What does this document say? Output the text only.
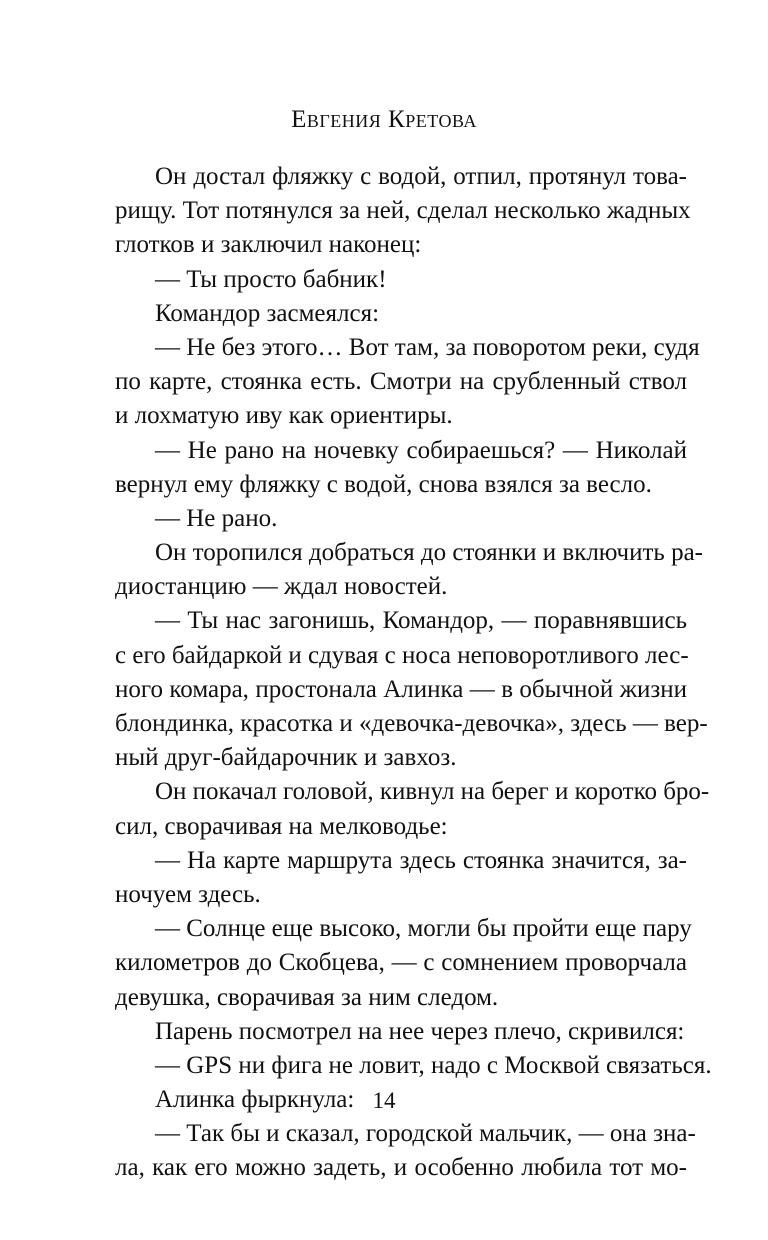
Евгения Кретова
Он достал фляжку с водой, отпил, протянул това-
рищу. Тот потянулся за ней, сделал несколько жадных
глотков и заключил наконец:
— Ты просто бабник!
Командор засмеялся:
— Не без этого… Вот там, за поворотом реки, судя
по карте, стоянка есть. Смотри на срубленный ствол
и лохматую иву как ориентиры.
— Не рано на ночевку собираешься? — Николай
вернул ему фляжку с водой, снова взялся за весло.
— Не рано.
Он торопился добраться до стоянки и включить ра-
диостанцию — ждал новостей.
— Ты нас загонишь, Командор, — поравнявшись
с его байдаркой и сдувая с носа неповоротливого лес-
ного комара, простонала Алинка — в обычной жизни
блондинка, красотка и «девочка-девочка», здесь — вер-
ный друг-байдарочник и завхоз.
Он покачал головой, кивнул на берег и коротко бро-
сил, сворачивая на мелководье:
— На карте маршрута здесь стоянка значится, за-
ночуем здесь.
— Солнце еще высоко, могли бы пройти еще пару
километров до Скобцева, — с сомнением проворчала
девушка, сворачивая за ним следом.
Парень посмотрел на нее через плечо, скривился:
— GPS ни фига не ловит, надо с Москвой связаться.
Алинка фыркнула:
— Так бы и сказал, городской мальчик, — она зна-
ла, как его можно задеть, и особенно любила тот мо-
14
